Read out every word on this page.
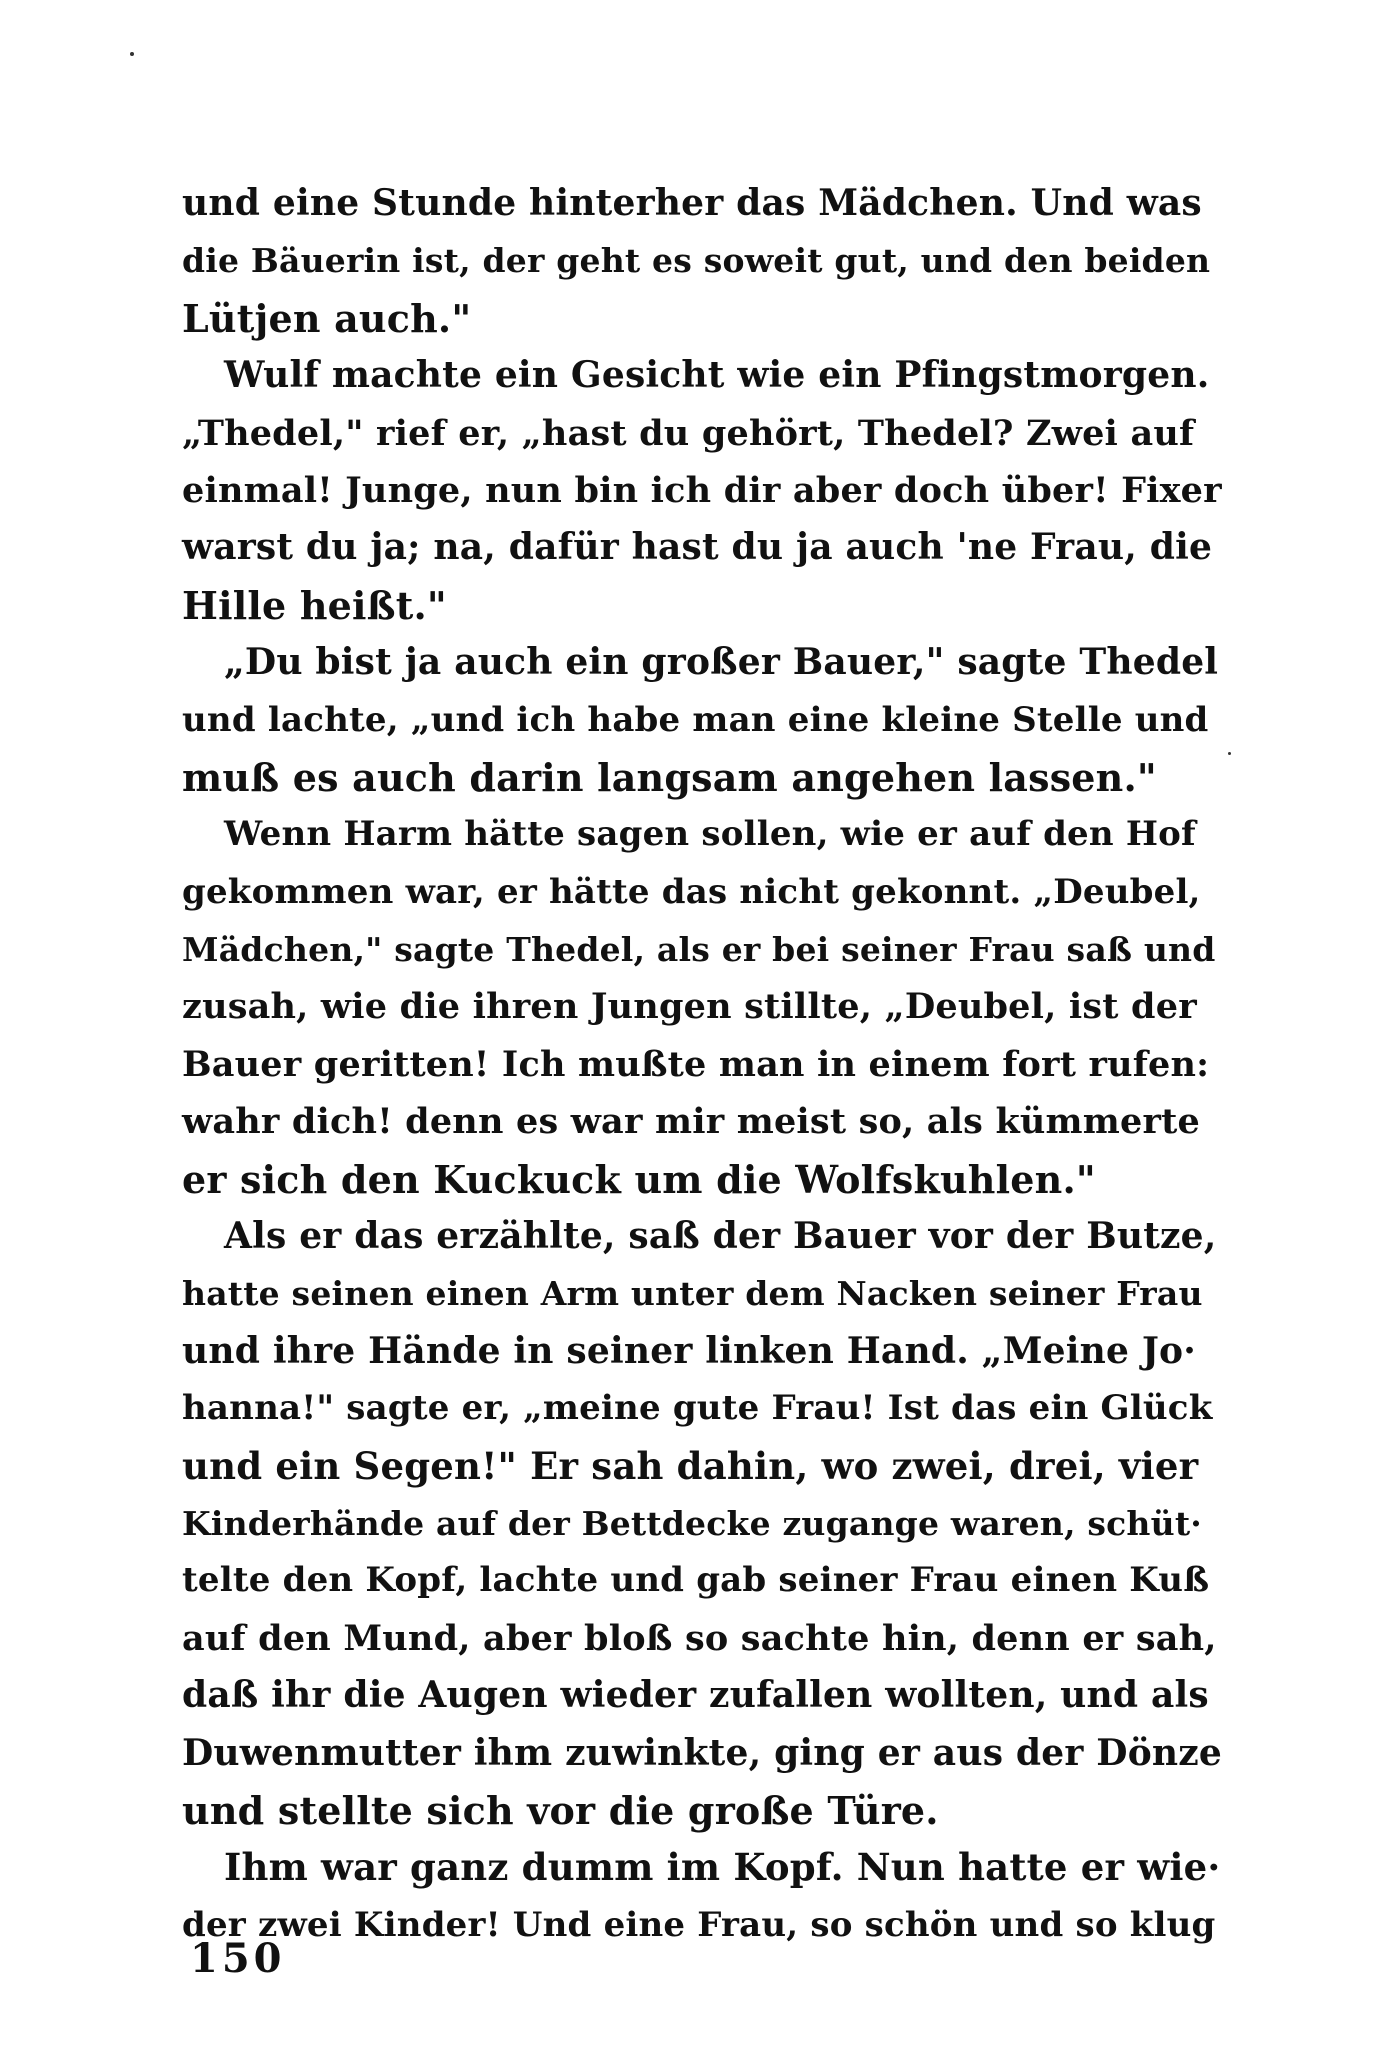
und eine Stunde hinterher das Mädchen. Und was
die Bäuerin ist, der geht es soweit gut, und den beiden
Lütjen auch."
Wulf machte ein Gesicht wie ein Pfingstmorgen.
„Thedel," rief er, „hast du gehört, Thedel? Zwei auf
einmal! Junge, nun bin ich dir aber doch über! Fixer
warst du ja; na, dafür hast du ja auch 'ne Frau, die
Hille heißt."
„Du bist ja auch ein großer Bauer," sagte Thedel
und lachte, „und ich habe man eine kleine Stelle und
muß es auch darin langsam angehen lassen."
Wenn Harm hätte sagen sollen, wie er auf den Hof
gekommen war, er hätte das nicht gekonnt. „Deubel,
Mädchen," sagte Thedel, als er bei seiner Frau saß und
zusah, wie die ihren Jungen stillte, „Deubel, ist der
Bauer geritten! Ich mußte man in einem fort rufen:
wahr dich! denn es war mir meist so, als kümmerte
er sich den Kuckuck um die Wolfskuhlen."
Als er das erzählte, saß der Bauer vor der Butze,
hatte seinen einen Arm unter dem Nacken seiner Frau
und ihre Hände in seiner linken Hand. „Meine Jo·
hanna!" sagte er, „meine gute Frau! Ist das ein Glück
und ein Segen!" Er sah dahin, wo zwei, drei, vier
Kinderhände auf der Bettdecke zugange waren, schüt·
telte den Kopf, lachte und gab seiner Frau einen Kuß
auf den Mund, aber bloß so sachte hin, denn er sah,
daß ihr die Augen wieder zufallen wollten, und als
Duwenmutter ihm zuwinkte, ging er aus der Dönze
und stellte sich vor die große Türe.
Ihm war ganz dumm im Kopf. Nun hatte er wie·
der zwei Kinder! Und eine Frau, so schön und so klug
150
